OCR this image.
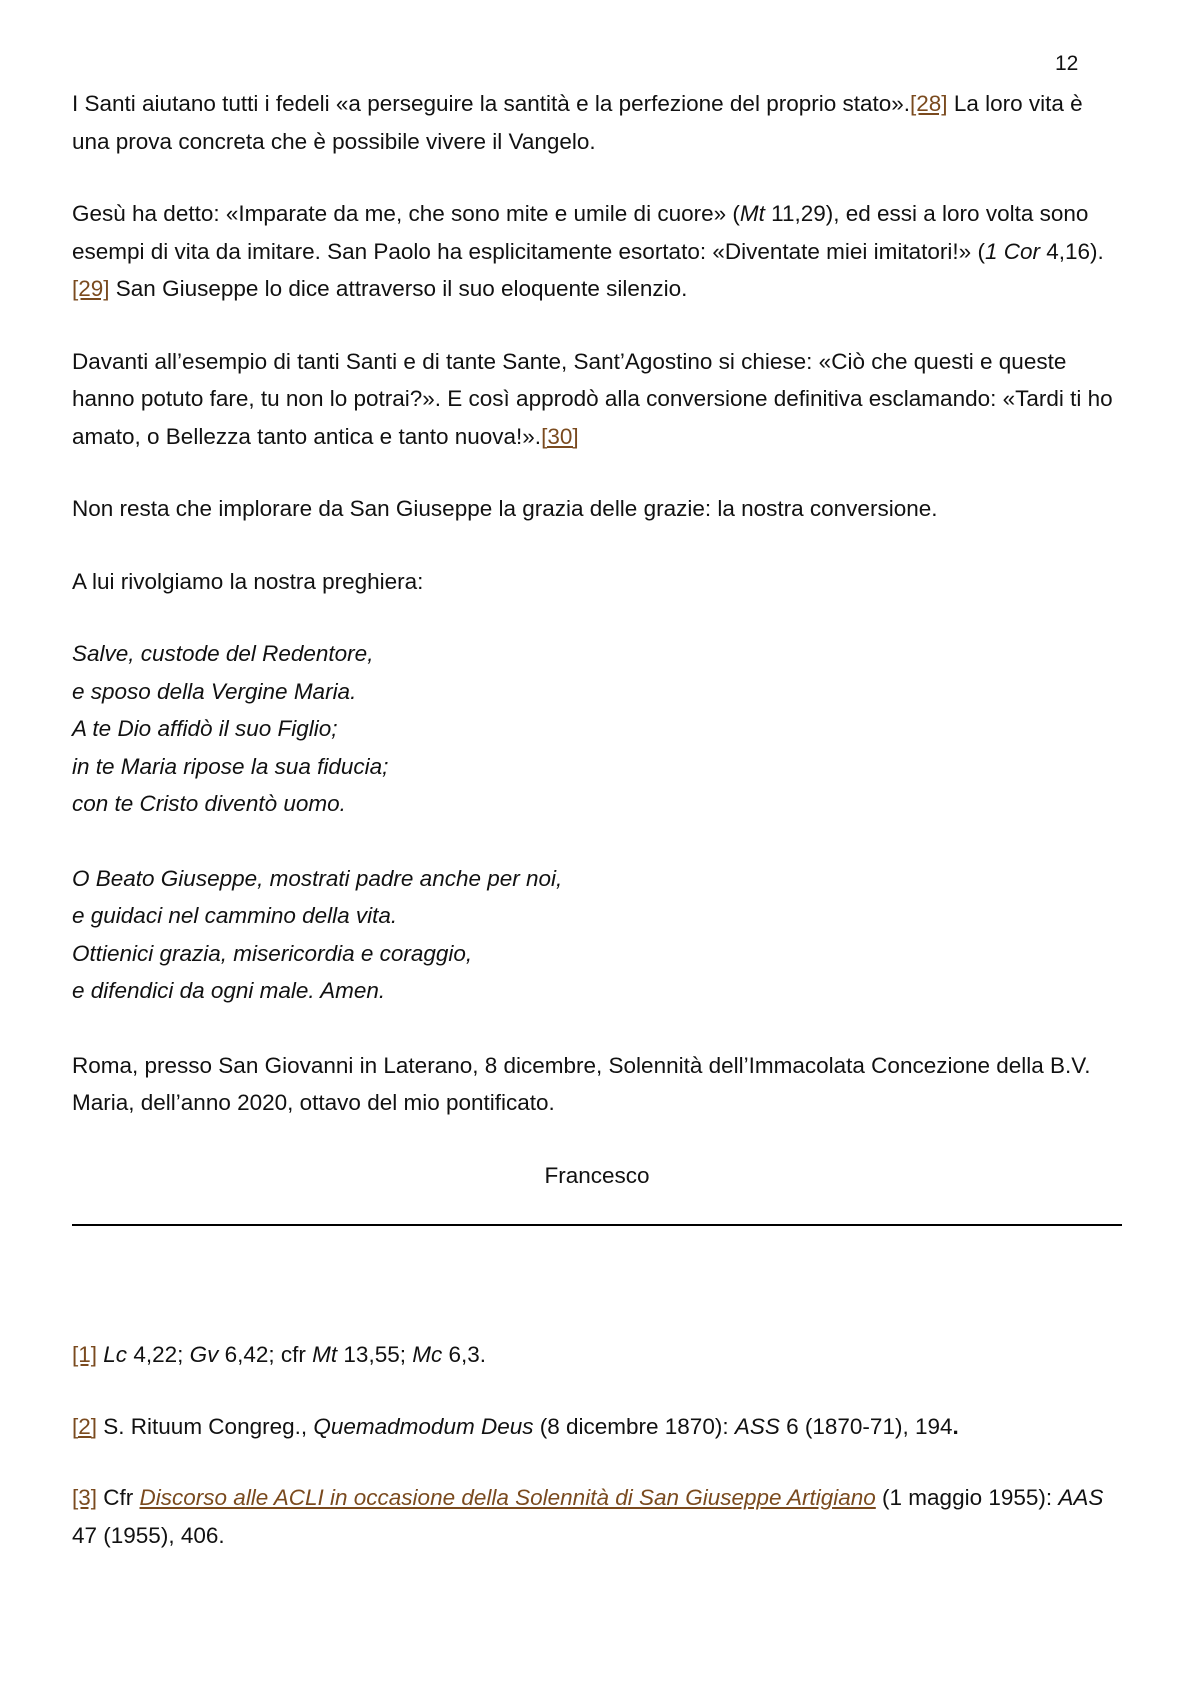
12

I Santi aiutano tutti i fedeli «a perseguire la santità e la perfezione del proprio stato».[28] La loro vita è una prova concreta che è possibile vivere il Vangelo.

Gesù ha detto: «Imparate da me, che sono mite e umile di cuore» (Mt 11,29), ed essi a loro volta sono esempi di vita da imitare. San Paolo ha esplicitamente esortato: «Diventate miei imitatori!» (1 Cor 4,16).[29] San Giuseppe lo dice attraverso il suo eloquente silenzio.

Davanti all’esempio di tanti Santi e di tante Sante, Sant’Agostino si chiese: «Ciò che questi e queste hanno potuto fare, tu non lo potrai?». E così approdò alla conversione definitiva esclamando: «Tardi ti ho amato, o Bellezza tanto antica e tanto nuova!».[30]

Non resta che implorare da San Giuseppe la grazia delle grazie: la nostra conversione.

A lui rivolgiamo la nostra preghiera:

Salve, custode del Redentore,
e sposo della Vergine Maria.
A te Dio affidò il suo Figlio;
in te Maria ripose la sua fiducia;
con te Cristo diventò uomo.

O Beato Giuseppe, mostrati padre anche per noi,
e guidaci nel cammino della vita.
Ottienici grazia, misericordia e coraggio,
e difendici da ogni male. Amen.

Roma, presso San Giovanni in Laterano, 8 dicembre, Solennità dell’Immacolata Concezione della B.V. Maria, dell’anno 2020, ottavo del mio pontificato.

Francesco

[1] Lc 4,22; Gv 6,42; cfr Mt 13,55; Mc 6,3.

[2] S. Rituum Congreg., Quemadmodum Deus (8 dicembre 1870): ASS 6 (1870-71), 194.

[3] Cfr Discorso alle ACLI in occasione della Solennità di San Giuseppe Artigiano (1 maggio 1955): AAS 47 (1955), 406.
